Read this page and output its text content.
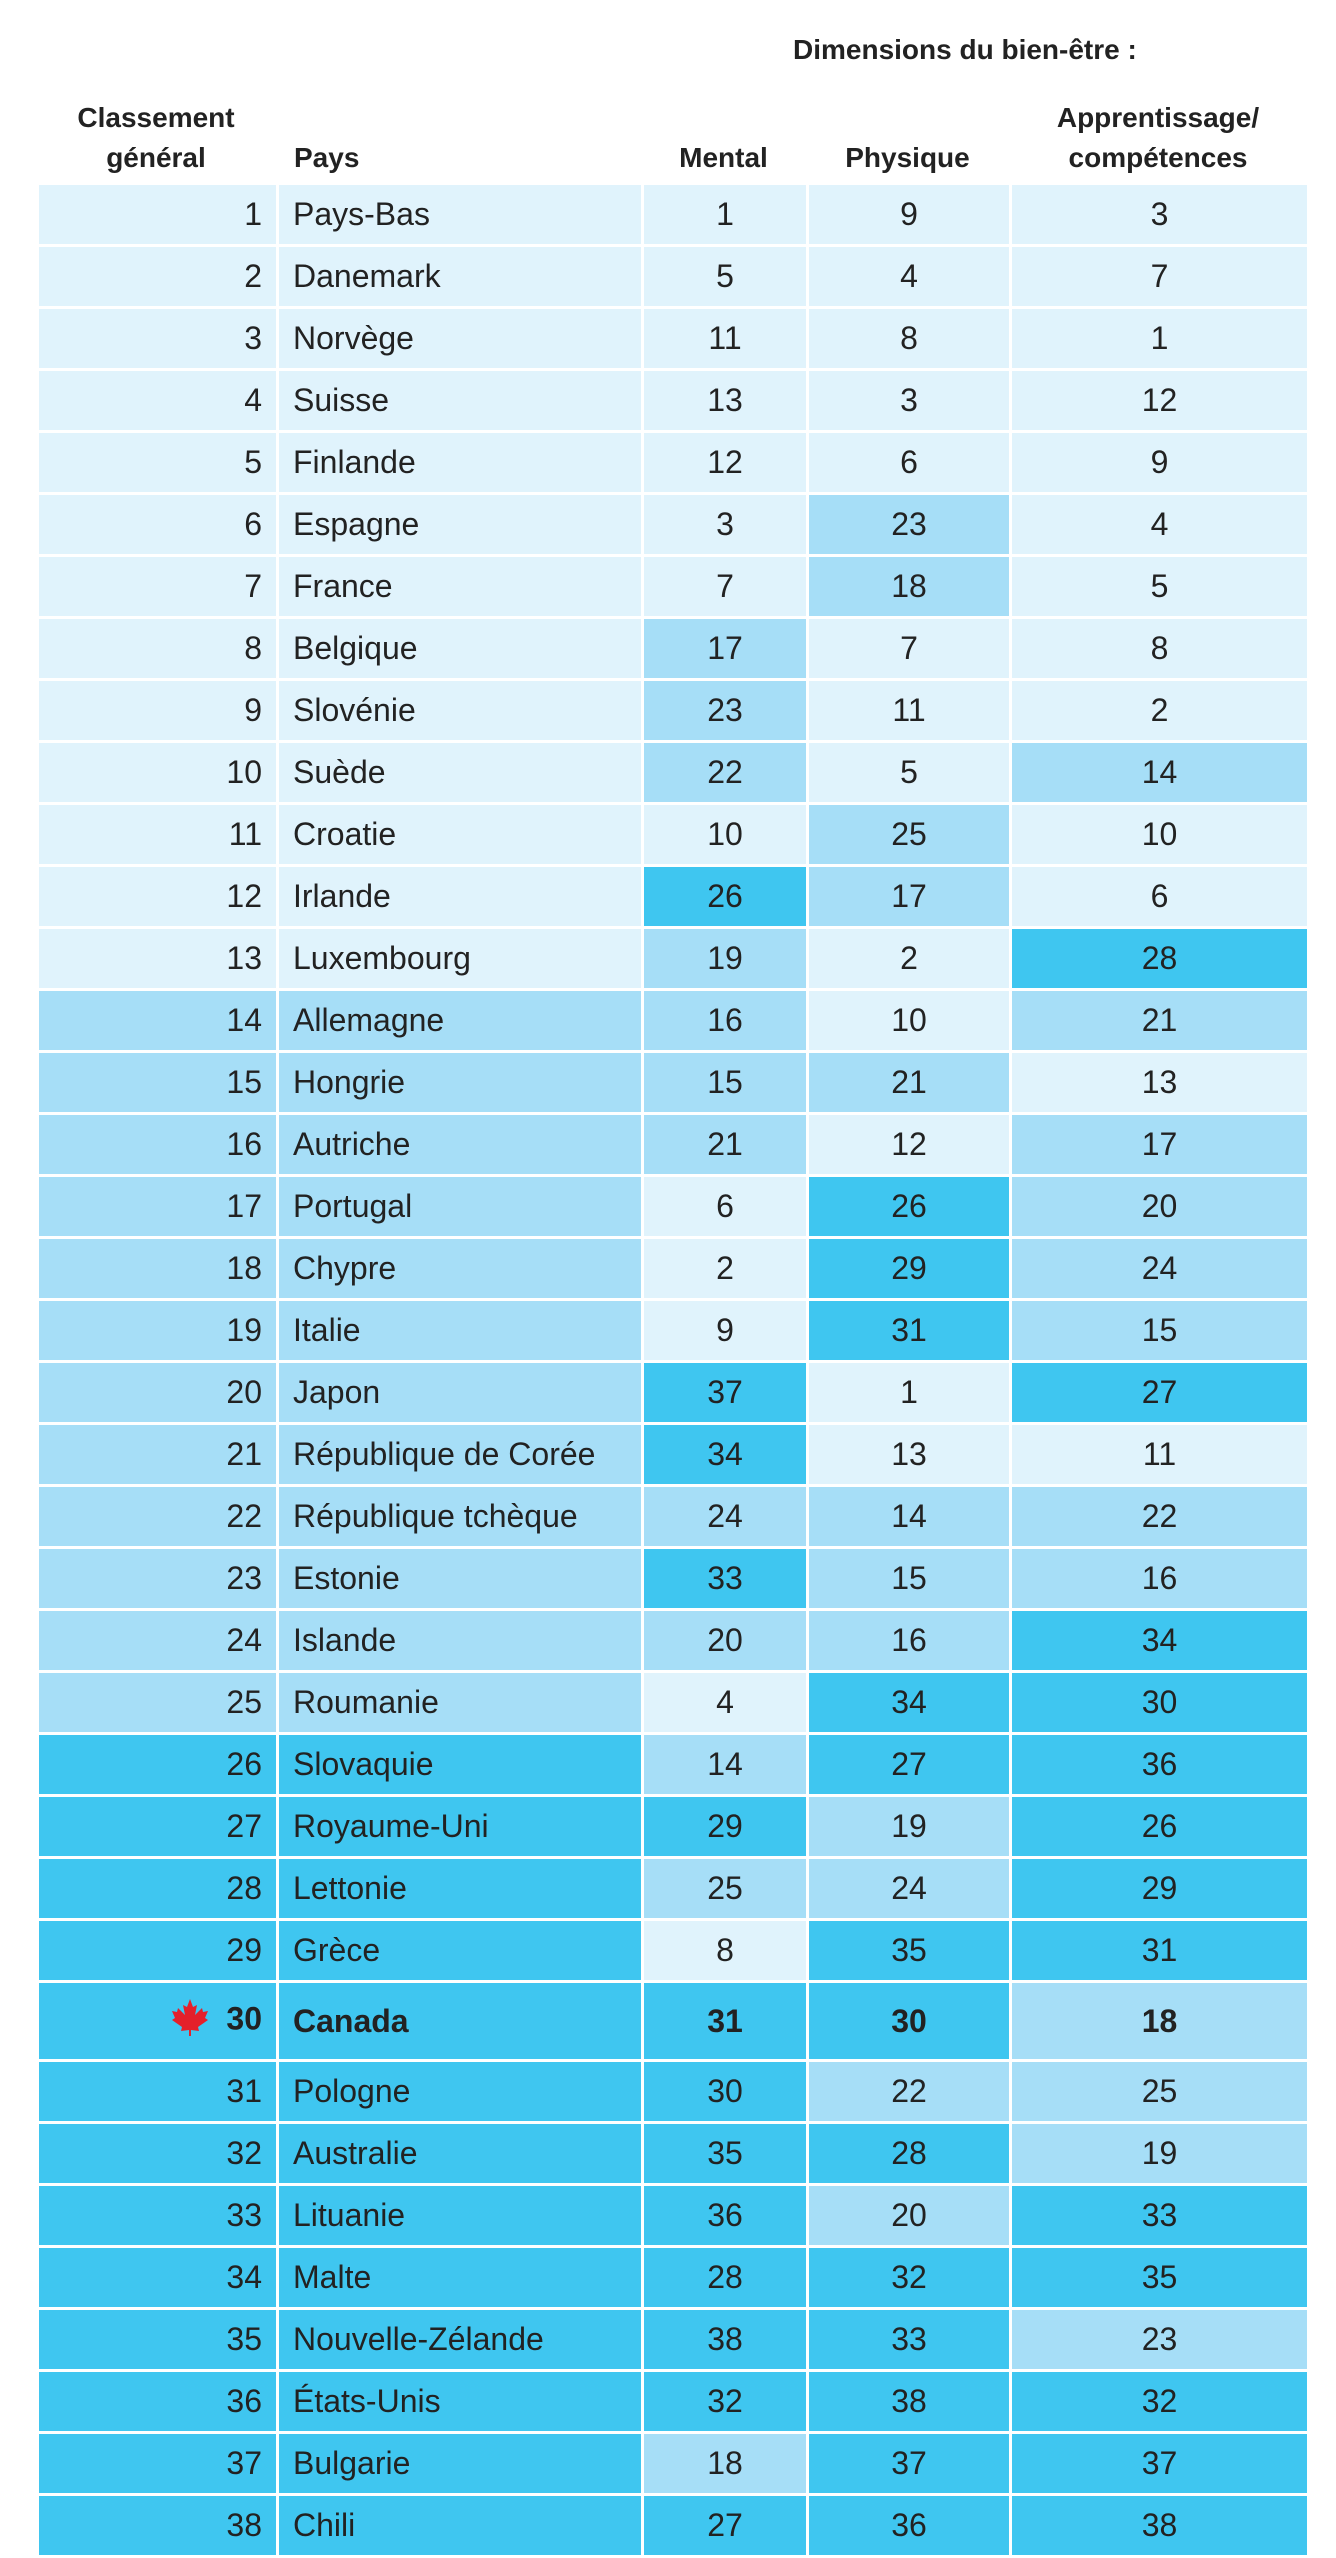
Dimensions du bien-être :
Classement
général	Pays	Mental	Physique
Apprentissage/
compétences
1	Pays-Bas	1	9	3
2	Danemark	5	4	7
3	Norvège	11	8	1
4	Suisse	13	3	12
5	Finlande	12	6	9
6	Espagne	3	23	4
7	France	7	18	5
8	Belgique	17	7	8
9	Slovénie	23	11	2
10	Suède	22	5	14
11	Croatie	10	25	10
12	Irlande	26	17	6
13	Luxembourg	19	2	28
14	Allemagne	16	10	21
15	Hongrie	15	21	13
16	Autriche	21	12	17
17	Portugal	6	26	20
18	Chypre	2	29	24
19	Italie	9	31	15
20	Japon	37	1	27
21	République de Corée	34	13	11
22	République tchèque	24	14	22
23	Estonie	33	15	16
24	Islande	20	16	34
25	Roumanie	4	34	30
26	Slovaquie	14	27	36
27	Royaume-Uni	29	19	26
28	Lettonie	25	24	29
29	Grèce	8	35	31
30	Canada	31	30	18
31	Pologne	30	22	25
32	Australie	35	28	19
33	Lituanie	36	20	33
34	Malte	28	32	35
35	Nouvelle-Zélande	38	33	23
36	États-Unis	32	38	32
37	Bulgarie	18	37	37
38	Chili	27	36	38
